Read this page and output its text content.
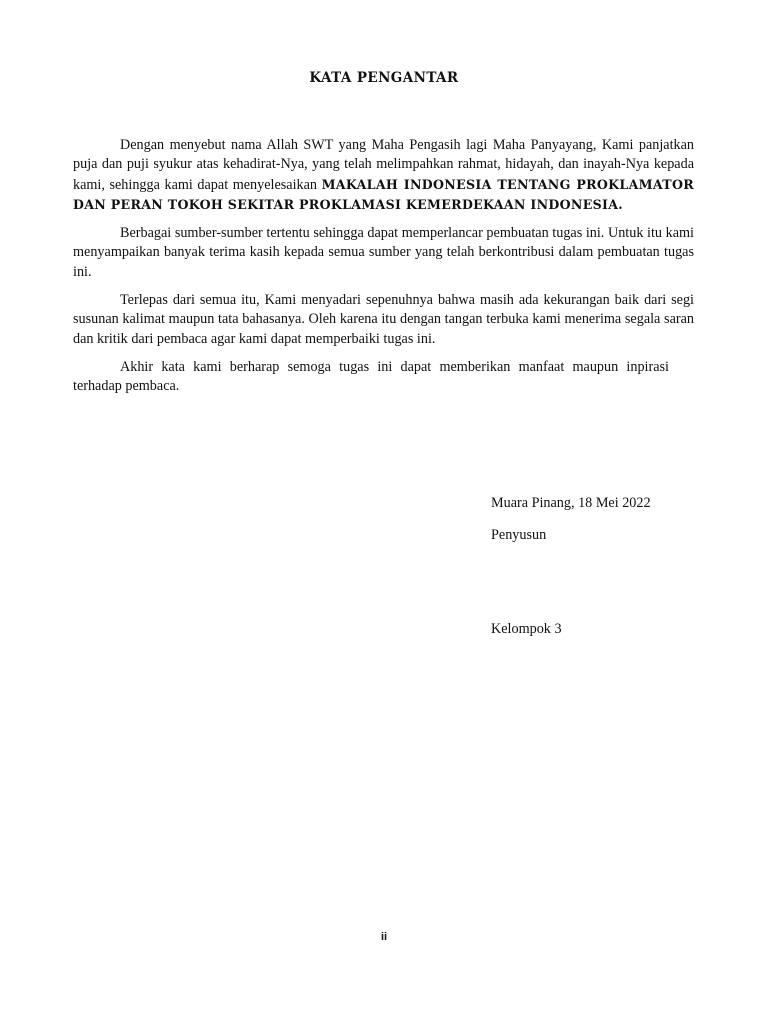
KATA PENGANTAR

Dengan menyebut nama Allah SWT yang Maha Pengasih lagi Maha Panyayang, Kami panjatkan puja dan puji syukur atas kehadirat-Nya, yang telah melimpahkan rahmat, hidayah, dan inayah-Nya kepada kami, sehingga kami dapat menyelesaikan MAKALAH INDONESIA TENTANG PROKLAMATOR DAN PERAN TOKOH SEKITAR PROKLAMASI KEMERDEKAAN INDONESIA.

Berbagai sumber-sumber tertentu sehingga dapat memperlancar pembuatan tugas ini. Untuk itu kami menyampaikan banyak terima kasih kepada semua sumber yang telah berkontribusi dalam pembuatan tugas ini.

Terlepas dari semua itu, Kami menyadari sepenuhnya bahwa masih ada kekurangan baik dari segi susunan kalimat maupun tata bahasanya. Oleh karena itu dengan tangan terbuka kami menerima segala saran dan kritik dari pembaca agar kami dapat memperbaiki tugas ini.

Akhir kata kami berharap semoga tugas ini dapat memberikan manfaat maupun inpirasi terhadap pembaca.

Muara Pinang, 18 Mei 2022
Penyusun
Kelompok 3
ii
